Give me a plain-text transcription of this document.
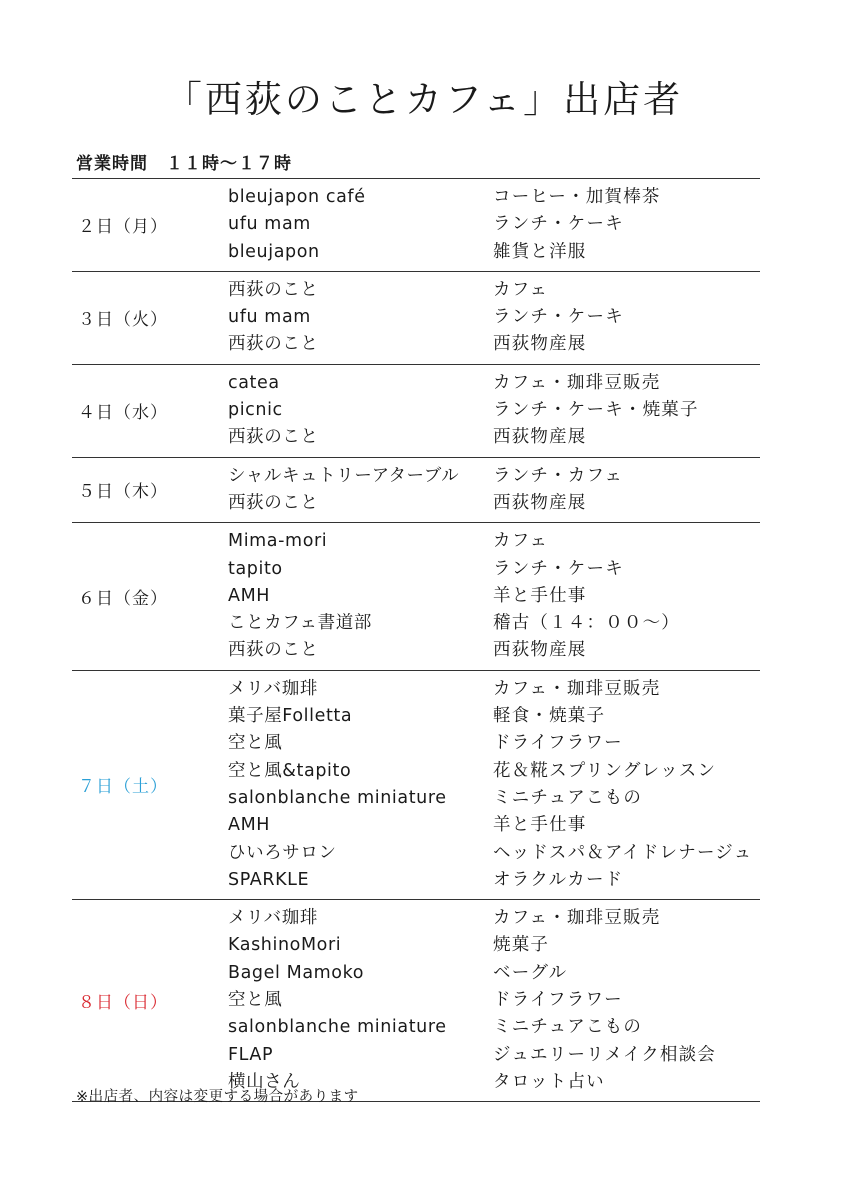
「西荻のことカフェ」出店者
営業時間　１１時～１７時
２日（月）
bleujapon café	コーヒー・加賀棒茶
ufu mam	ランチ・ケーキ
bleujapon	雑貨と洋服
３日（火）
西荻のこと	カフェ
ufu mam	ランチ・ケーキ
西荻のこと	西荻物産展
４日（水）
catea	カフェ・珈琲豆販売
picnic	ランチ・ケーキ・焼菓子
西荻のこと	西荻物産展
５日（木）
シャルキュトリーアターブル	ランチ・カフェ
西荻のこと	西荻物産展
６日（金）
Mima-mori	カフェ
tapito	ランチ・ケーキ
AMH	羊と手仕事
ことカフェ書道部	稽古（１４：００～）
西荻のこと	西荻物産展
７日（土）
メリバ珈琲	カフェ・珈琲豆販売
菓子屋Folletta	軽食・焼菓子
空と風	ドライフラワー
空と風&tapito	花＆糀スプリングレッスン
salonblanche miniature	ミニチュアこもの
AMH	羊と手仕事
ひいろサロン	ヘッドスパ＆アイドレナージュ
SPARKLE	オラクルカード
８日（日）
メリバ珈琲	カフェ・珈琲豆販売
KashinoMori	焼菓子
Bagel Mamoko	ベーグル
空と風	ドライフラワー
salonblanche miniature	ミニチュアこもの
FLAP	ジュエリーリメイク相談会
横山さん	タロット占い
※出店者、内容は変更する場合があります
